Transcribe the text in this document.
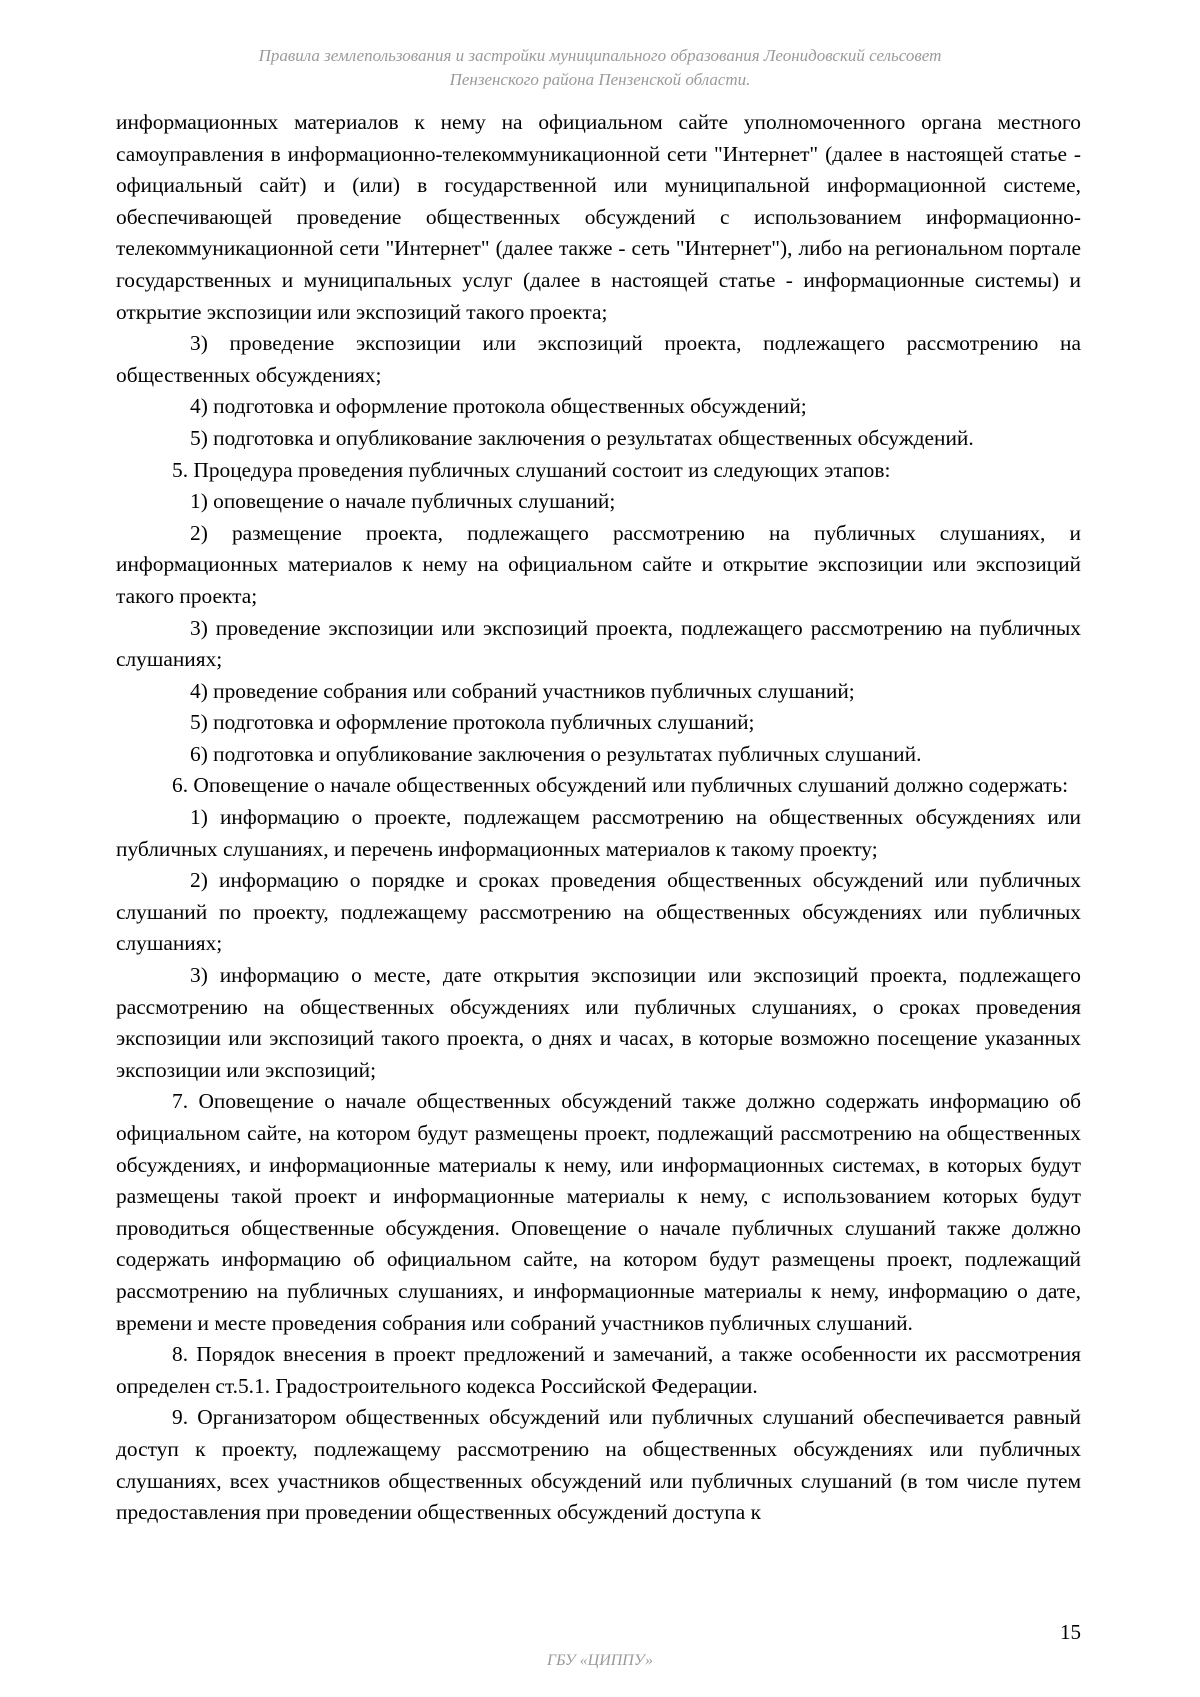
Правила землепользования и застройки муниципального образования Леонидовский сельсовет
Пензенского района Пензенской области.

информационных материалов к нему на официальном сайте уполномоченного органа местного самоуправления в информационно-телекоммуникационной сети "Интернет" (далее в настоящей статье - официальный сайт) и (или) в государственной или муниципальной информационной системе, обеспечивающей проведение общественных обсуждений с использованием информационно-телекоммуникационной сети "Интернет" (далее также - сеть "Интернет"), либо на региональном портале государственных и муниципальных услуг (далее в настоящей статье - информационные системы) и открытие экспозиции или экспозиций такого проекта;

3) проведение экспозиции или экспозиций проекта, подлежащего рассмотрению на общественных обсуждениях;

4) подготовка и оформление протокола общественных обсуждений;

5) подготовка и опубликование заключения о результатах общественных обсуждений.

5. Процедура проведения публичных слушаний состоит из следующих этапов:

1) оповещение о начале публичных слушаний;

2) размещение проекта, подлежащего рассмотрению на публичных слушаниях, и информационных материалов к нему на официальном сайте и открытие экспозиции или экспозиций такого проекта;

3) проведение экспозиции или экспозиций проекта, подлежащего рассмотрению на публичных слушаниях;

4) проведение собрания или собраний участников публичных слушаний;

5) подготовка и оформление протокола публичных слушаний;

6) подготовка и опубликование заключения о результатах публичных слушаний.

6. Оповещение о начале общественных обсуждений или публичных слушаний должно содержать:

1) информацию о проекте, подлежащем рассмотрению на общественных обсуждениях или публичных слушаниях, и перечень информационных материалов к такому проекту;

2) информацию о порядке и сроках проведения общественных обсуждений или публичных слушаний по проекту, подлежащему рассмотрению на общественных обсуждениях или публичных слушаниях;

3) информацию о месте, дате открытия экспозиции или экспозиций проекта, подлежащего рассмотрению на общественных обсуждениях или публичных слушаниях, о сроках проведения экспозиции или экспозиций такого проекта, о днях и часах, в которые возможно посещение указанных экспозиции или экспозиций;

7. Оповещение о начале общественных обсуждений также должно содержать информацию об официальном сайте, на котором будут размещены проект, подлежащий рассмотрению на общественных обсуждениях, и информационные материалы к нему, или информационных системах, в которых будут размещены такой проект и информационные материалы к нему, с использованием которых будут проводиться общественные обсуждения. Оповещение о начале публичных слушаний также должно содержать информацию об официальном сайте, на котором будут размещены проект, подлежащий рассмотрению на публичных слушаниях, и информационные материалы к нему, информацию о дате, времени и месте проведения собрания или собраний участников публичных слушаний.

8. Порядок внесения в проект предложений и замечаний, а также особенности их рассмотрения определен ст.5.1. Градостроительного кодекса Российской Федерации.

9. Организатором общественных обсуждений или публичных слушаний обеспечивается равный доступ к проекту, подлежащему рассмотрению на общественных обсуждениях или публичных слушаниях, всех участников общественных обсуждений или публичных слушаний (в том числе путем предоставления при проведении общественных обсуждений доступа к

15
ГБУ «ЦИППУ»
